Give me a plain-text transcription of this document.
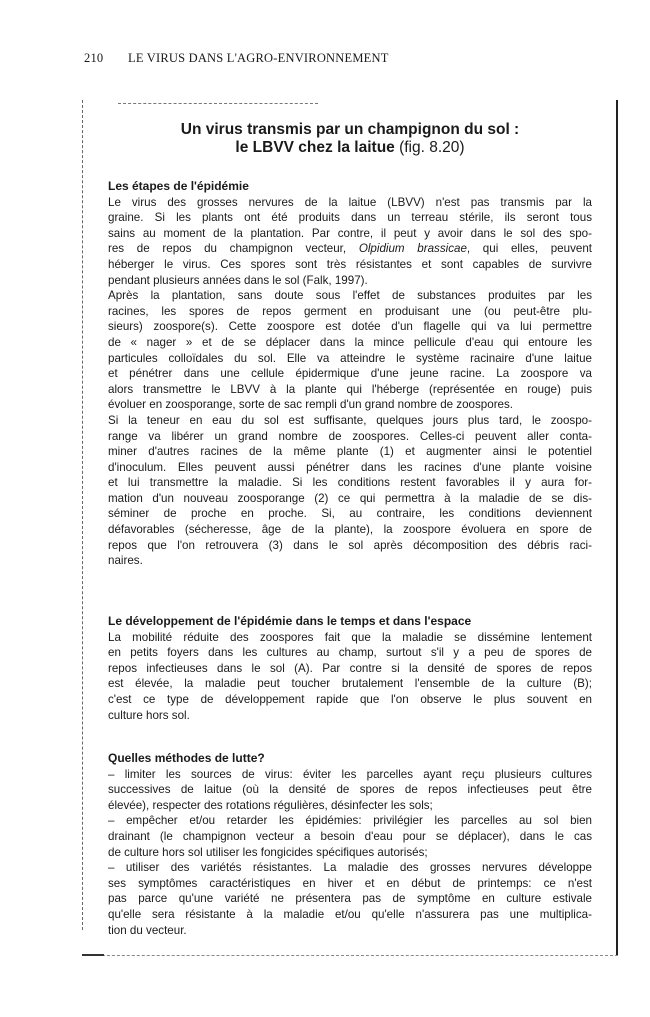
210 LE VIRUS DANS L'AGRO-ENVIRONNEMENT
Un virus transmis par un champignon du sol :
le LBVV chez la laitue (fig. 8.20)
Les étapes de l'épidémie
Le virus des grosses nervures de la laitue (LBVV) n'est pas transmis par la
graine. Si les plants ont été produits dans un terreau stérile, ils seront tous
sains au moment de la plantation. Par contre, il peut y avoir dans le sol des spo-
res de repos du champignon vecteur, Olpidium brassicae, qui elles, peuvent
héberger le virus. Ces spores sont très résistantes et sont capables de survivre
pendant plusieurs années dans le sol (Falk, 1997).
Après la plantation, sans doute sous l'effet de substances produites par les
racines, les spores de repos germent en produisant une (ou peut-être plu-
sieurs) zoospore(s). Cette zoospore est dotée d'un flagelle qui va lui permettre
de « nager » et de se déplacer dans la mince pellicule d'eau qui entoure les
particules colloïdales du sol. Elle va atteindre le système racinaire d'une laitue
et pénétrer dans une cellule épidermique d'une jeune racine. La zoospore va
alors transmettre le LBVV à la plante qui l'héberge (représentée en rouge) puis
évoluer en zoosporange, sorte de sac rempli d'un grand nombre de zoospores.
Si la teneur en eau du sol est suffisante, quelques jours plus tard, le zoospo-
range va libérer un grand nombre de zoospores. Celles-ci peuvent aller conta-
miner d'autres racines de la même plante (1) et augmenter ainsi le potentiel
d'inoculum. Elles peuvent aussi pénétrer dans les racines d'une plante voisine
et lui transmettre la maladie. Si les conditions restent favorables il y aura for-
mation d'un nouveau zoosporange (2) ce qui permettra à la maladie de se dis-
séminer de proche en proche. Si, au contraire, les conditions deviennent
défavorables (sécheresse, âge de la plante), la zoospore évoluera en spore de
repos que l'on retrouvera (3) dans le sol après décomposition des débris raci-
naires.
Le développement de l'épidémie dans le temps et dans l'espace
La mobilité réduite des zoospores fait que la maladie se dissémine lentement
en petits foyers dans les cultures au champ, surtout s'il y a peu de spores de
repos infectieuses dans le sol (A). Par contre si la densité de spores de repos
est élevée, la maladie peut toucher brutalement l'ensemble de la culture (B);
c'est ce type de développement rapide que l'on observe le plus souvent en
culture hors sol.
Quelles méthodes de lutte?
– limiter les sources de virus: éviter les parcelles ayant reçu plusieurs cultures
successives de laitue (où la densité de spores de repos infectieuses peut être
élevée), respecter des rotations régulières, désinfecter les sols;
– empêcher et/ou retarder les épidémies: privilégier les parcelles au sol bien
drainant (le champignon vecteur a besoin d'eau pour se déplacer), dans le cas
de culture hors sol utiliser les fongicides spécifiques autorisés;
– utiliser des variétés résistantes. La maladie des grosses nervures développe
ses symptômes caractéristiques en hiver et en début de printemps: ce n'est
pas parce qu'une variété ne présentera pas de symptôme en culture estivale
qu'elle sera résistante à la maladie et/ou qu'elle n'assurera pas une multiplica-
tion du vecteur.
